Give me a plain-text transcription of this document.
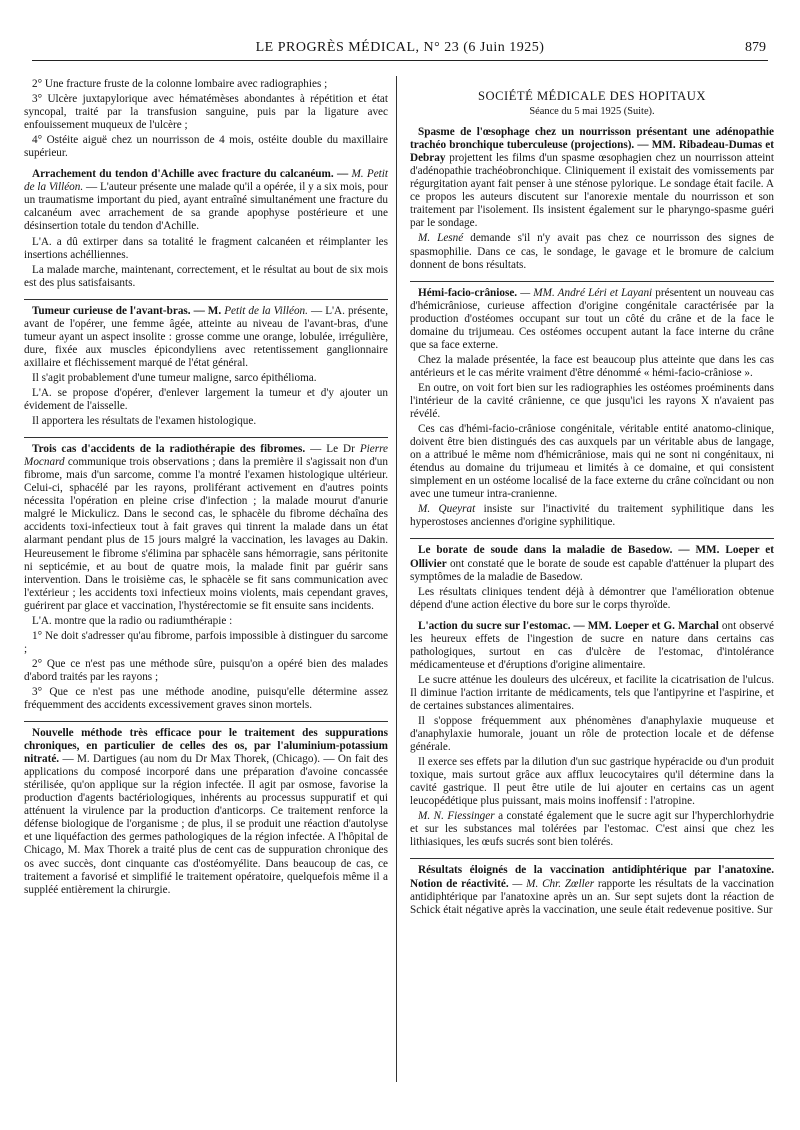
LE PROGRÈS MÉDICAL, N° 23 (6 Juin 1925)	879

2° Une fracture fruste de la colonne lombaire avec radiographies ;

3° Ulcère juxtapylorique avec hématémèses abondantes à répétition et état syncopal, traité par la transfusion sanguine, puis par la ligature avec enfouissement muqueux de l'ulcère ;

4° Ostéite aiguë chez un nourrisson de 4 mois, ostéite double du maxillaire supérieur.

Arrachement du tendon d'Achille avec fracture du calcanéum. — M. Petit de la Villéon. — L'auteur présente une malade qu'il a opérée, il y a six mois, pour un traumatisme important du pied, ayant entraîné simultanément une fracture du calcanéum avec arrachement de sa grande apophyse postérieure et une désinsertion totale du tendon d'Achille.

L'A. a dû extirper dans sa totalité le fragment calcanéen et réimplanter les insertions achélliennes.

La malade marche, maintenant, correctement, et le résultat au bout de six mois est des plus satisfaisants.

Tumeur curieuse de l'avant-bras. — M. Petit de la Villéon. — L'A. présente, avant de l'opérer, une femme âgée, atteinte au niveau de l'avant-bras, d'une tumeur ayant un aspect insolite : grosse comme une orange, lobulée, irrégulière, dure, fixée aux muscles épicondyliens avec retentissement ganglionnaire axillaire et fléchissement marqué de l'état général.

Il s'agit probablement d'une tumeur maligne, sarco épithélioma.

L'A. se propose d'opérer, d'enlever largement la tumeur et d'y ajouter un évidement de l'aisselle.

Il apportera les résultats de l'examen histologique.

Trois cas d'accidents de la radiothérapie des fibromes. — Le Dr Pierre Mocnard communique trois observations ; dans la première il s'agissait non d'un fibrome, mais d'un sarcome, comme l'a montré l'examen histologique ultérieur. Celui-ci, sphacélé par les rayons, proliférant activement en d'autres points nécessita l'opération en pleine crise d'infection ; la malade mourut d'anurie malgré le Mickulicz. Dans le second cas, le sphacèle du fibrome déchaîna des accidents toxi-infectieux tout à fait graves qui tinrent la malade dans un état alarmant pendant plus de 15 jours malgré la vaccination, les lavages au Dakin. Heureusement le fibrome s'élimina par sphacèle sans hémorragie, sans péritonite ni septicémie, et au bout de quatre mois, la malade finit par guérir sans intervention. Dans le troisième cas, le sphacèle se fit sans communication avec l'extérieur ; les accidents toxi infectieux moins violents, mais cependant graves, guérirent par glace et vaccination, l'hystérectomie se fit ensuite sans incidents.

L'A. montre que la radio ou radiumthérapie :

1° Ne doit s'adresser qu'au fibrome, parfois impossible à distinguer du sarcome ;

2° Que ce n'est pas une méthode sûre, puisqu'on a opéré bien des malades d'abord traités par les rayons ;

3° Que ce n'est pas une méthode anodine, puisqu'elle détermine assez fréquemment des accidents excessivement graves sinon mortels.

Nouvelle méthode très efficace pour le traitement des suppurations chroniques, en particulier de celles des os, par l'aluminium-potassium nitraté. — M. Dartigues (au nom du Dr Max Thorek, (Chicago). — On fait des applications du composé incorporé dans une préparation d'avoine concassée stérilisée, qu'on applique sur la région infectée. Il agit par osmose, favorise la production d'agents bactériologiques, inhérents au processus suppuratif et qui atténuent la virulence par la production d'anticorps. Ce traitement renforce la défense biologique de l'organisme ; de plus, il se produit une réaction d'autolyse et une liquéfaction des germes pathologiques de la région infectée. A l'hôpital de Chicago, M. Max Thorek a traité plus de cent cas de suppuration chronique des os avec succès, dont cinquante cas d'ostéomyélite. Dans beaucoup de cas, ce traitement a favorisé et simplifié le traitement opératoire, quelquefois même il a suppléé entièrement la chirurgie.

SOCIÉTÉ MÉDICALE DES HOPITAUX
Séance du 5 mai 1925 (Suite).

Spasme de l'œsophage chez un nourrisson présentant une adénopathie trachéo bronchique tuberculeuse (projections). — MM. Ribadeau-Dumas et Debray projettent les films d'un spasme œsophagien chez un nourrisson atteint d'adénopathie trachéobronchique. Cliniquement il existait des vomissements par régurgitation ayant fait penser à une sténose pylorique. Le sondage était facile. A ce propos les auteurs discutent sur l'anorexie mentale du nourrisson et son traitement par l'isolement. Ils insistent également sur le pharyngo-spasme guéri par le sondage.

M. Lesné demande s'il n'y avait pas chez ce nourrisson des signes de spasmophilie. Dans ce cas, le sondage, le gavage et le bromure de calcium donnent de bons résultats.

Hémi-facio-crâniose. — MM. André Léri et Layani présentent un nouveau cas d'hémicrâniose, curieuse affection d'origine congénitale caractérisée par la production d'ostéomes occupant sur tout un côté du crâne et de la face le domaine du trijumeau. Ces ostéomes occupent autant la face interne du crâne que sa face externe.

Chez la malade présentée, la face est beaucoup plus atteinte que dans les cas antérieurs et le cas mérite vraiment d'être dénommé « hémi-facio-crâniose ».

En outre, on voit fort bien sur les radiographies les ostéomes proéminents dans l'intérieur de la cavité crânienne, ce que jusqu'ici les rayons X n'avaient pas révélé.

Ces cas d'hémi-facio-crâniose congénitale, véritable entité anatomo-clinique, doivent être bien distingués des cas auxquels par un véritable abus de langage, on a attribué le même nom d'hémicrâniose, mais qui ne sont ni congénitaux, ni étendus au domaine du trijumeau et limités à ce domaine, et qui consistent simplement en un ostéome localisé de la face externe du crâne coïncidant ou non avec une tumeur intra-cranienne.

M. Queyrat insiste sur l'inactivité du traitement syphilitique dans les hyperostoses anciennes d'origine syphilitique.

Le borate de soude dans la maladie de Basedow. — MM. Loeper et Ollivier ont constaté que le borate de soude est capable d'atténuer la plupart des symptômes de la maladie de Basedow.

Les résultats cliniques tendent déjà à démontrer que l'amélioration obtenue dépend d'une action élective du bore sur le corps thyroïde.

L'action du sucre sur l'estomac. — MM. Loeper et G. Marchal ont observé les heureux effets de l'ingestion de sucre en nature dans certains cas pathologiques, surtout en cas d'ulcère de l'estomac, d'intolérance médicamenteuse et d'éruptions d'origine alimentaire.

Le sucre atténue les douleurs des ulcéreux, et facilite la cicatrisation de l'ulcus. Il diminue l'action irritante de médicaments, tels que l'antipyrine et l'aspirine, et de certaines substances alimentaires.

Il s'oppose fréquemment aux phénomènes d'anaphylaxie muqueuse et d'anaphylaxie humorale, jouant un rôle de protection locale et de défense générale.

Il exerce ses effets par la dilution d'un suc gastrique hypéracide ou d'un produit toxique, mais surtout grâce aux afflux leucocytaires qu'il détermine dans la cavité gastrique. Il peut être utile de lui ajouter en certains cas un agent leucopédétique plus puissant, mais moins inoffensif : l'atropine.

M. N. Fiessinger a constaté également que le sucre agit sur l'hyperchlorhydrie et sur les substances mal tolérées par l'estomac. C'est ainsi que chez les lithiasiques, les œufs sucrés sont bien tolérés.

Résultats éloignés de la vaccination antidiphtérique par l'anatoxine. Notion de réactivité. — M. Chr. Zœller rapporte les résultats de la vaccination antidiphtérique par l'anatoxine après un an. Sur sept sujets dont la réaction de Schick était négative après la vaccination, une seule était redevenue positive. Sur
